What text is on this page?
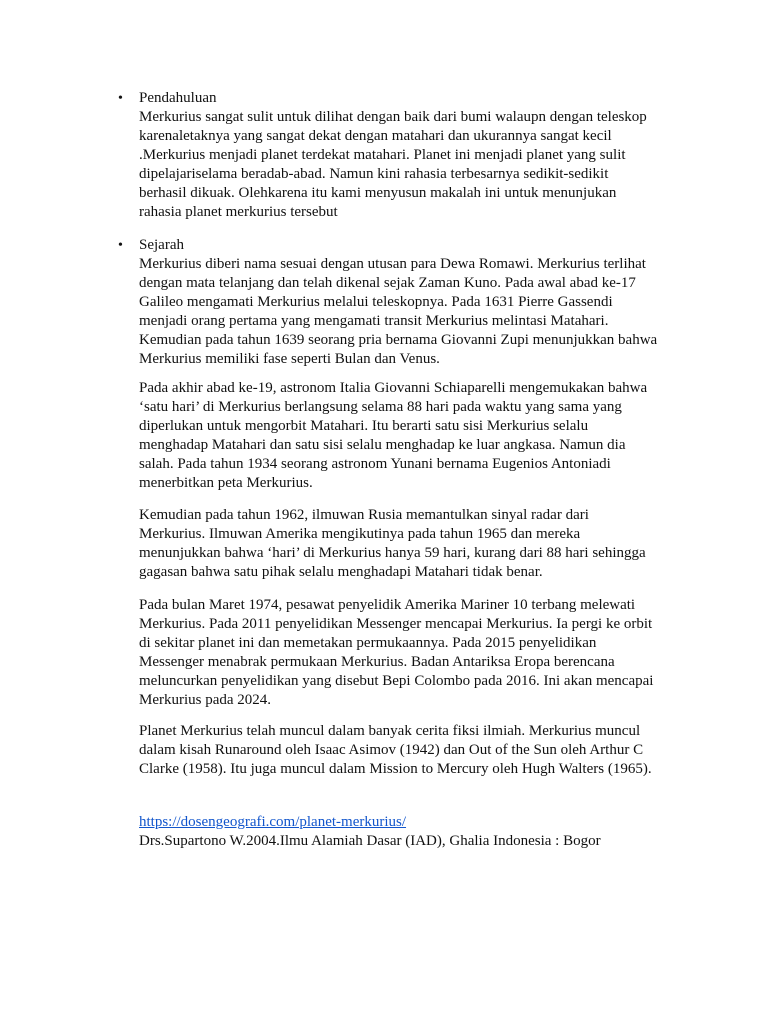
•	Pendahuluan
Merkurius sangat sulit untuk dilihat dengan baik dari bumi walaupn dengan teleskop
karenaletaknya yang sangat dekat dengan matahari dan ukurannya sangat kecil
.Merkurius menjadi planet terdekat matahari. Planet ini menjadi planet yang sulit
dipelajariselama beradab-abad. Namun kini rahasia terbesarnya sedikit-sedikit
berhasil dikuak. Olehkarena itu kami menyusun makalah ini untuk menunjukan
rahasia planet merkurius tersebut
•	Sejarah
Merkurius diberi nama sesuai dengan utusan para Dewa Romawi. Merkurius terlihat
dengan mata telanjang dan telah dikenal sejak Zaman Kuno. Pada awal abad ke-17
Galileo mengamati Merkurius melalui teleskopnya. Pada 1631 Pierre Gassendi
menjadi orang pertama yang mengamati transit Merkurius melintasi Matahari.
Kemudian pada tahun 1639 seorang pria bernama Giovanni Zupi menunjukkan bahwa
Merkurius memiliki fase seperti Bulan dan Venus.
Pada akhir abad ke-19, astronom Italia Giovanni Schiaparelli mengemukakan bahwa
‘satu hari’ di Merkurius berlangsung selama 88 hari pada waktu yang sama yang
diperlukan untuk mengorbit Matahari. Itu berarti satu sisi Merkurius selalu
menghadap Matahari dan satu sisi selalu menghadap ke luar angkasa. Namun dia
salah. Pada tahun 1934 seorang astronom Yunani bernama Eugenios Antoniadi
menerbitkan peta Merkurius.
Kemudian pada tahun 1962, ilmuwan Rusia memantulkan sinyal radar dari
Merkurius. Ilmuwan Amerika mengikutinya pada tahun 1965 dan mereka
menunjukkan bahwa ‘hari’ di Merkurius hanya 59 hari, kurang dari 88 hari sehingga
gagasan bahwa satu pihak selalu menghadapi Matahari tidak benar.
Pada bulan Maret 1974, pesawat penyelidik Amerika Mariner 10 terbang melewati
Merkurius. Pada 2011 penyelidikan Messenger mencapai Merkurius. Ia pergi ke orbit
di sekitar planet ini dan memetakan permukaannya. Pada 2015 penyelidikan
Messenger menabrak permukaan Merkurius. Badan Antariksa Eropa berencana
meluncurkan penyelidikan yang disebut Bepi Colombo pada 2016. Ini akan mencapai
Merkurius pada 2024.
Planet Merkurius telah muncul dalam banyak cerita fiksi ilmiah. Merkurius muncul
dalam kisah Runaround oleh Isaac Asimov (1942) dan Out of the Sun oleh Arthur C
Clarke (1958). Itu juga muncul dalam Mission to Mercury oleh Hugh Walters (1965).
https://dosengeografi.com/planet-merkurius/
Drs.Supartono W.2004.Ilmu Alamiah Dasar (IAD), Ghalia Indonesia : Bogor
